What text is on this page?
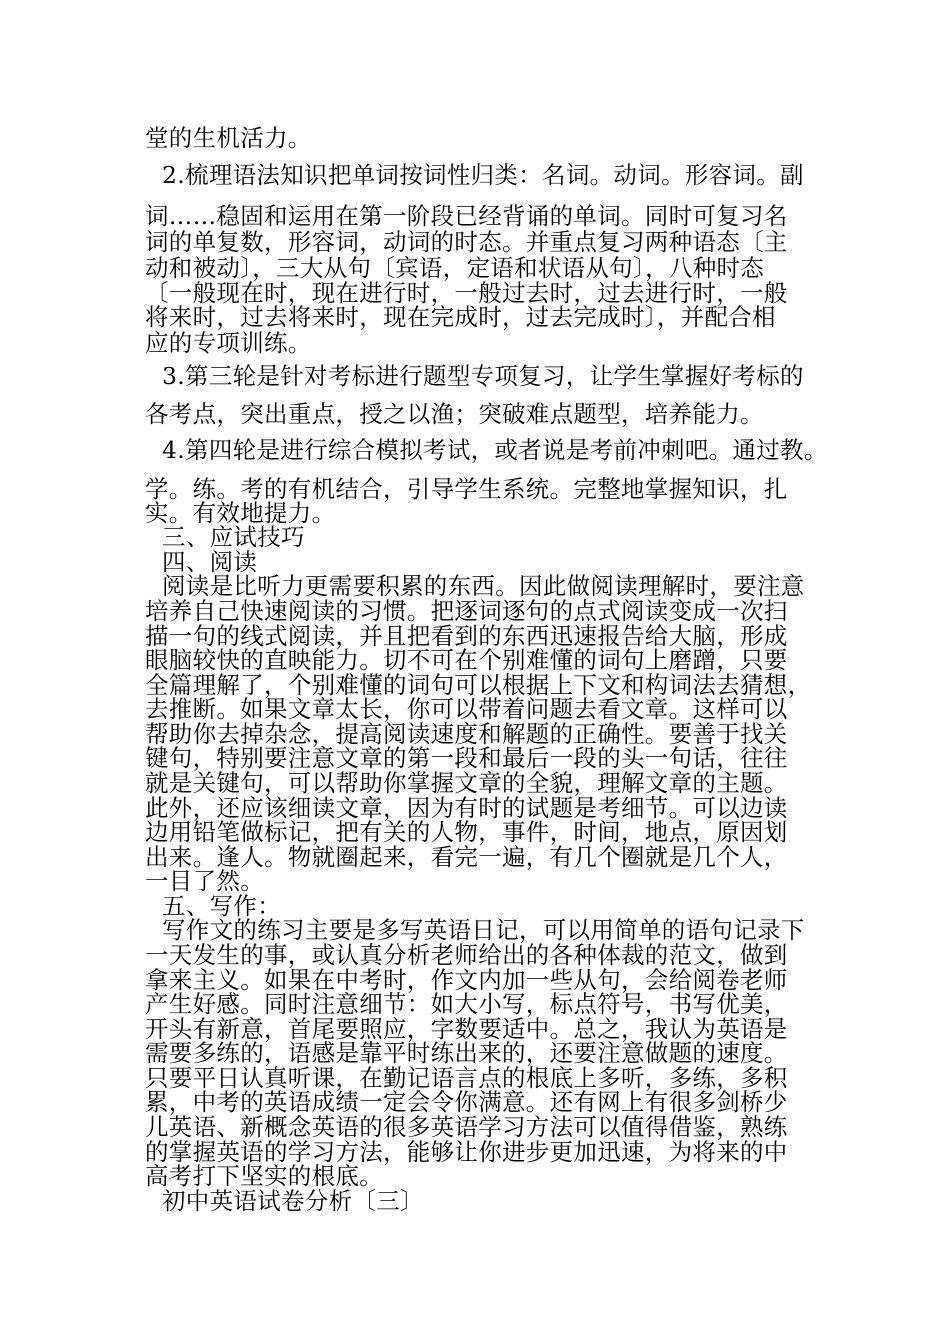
堂的生机活力。
2.梳理语法知识把单词按词性归类：名词。动词。形容词。副
词……稳固和运用在第一阶段已经背诵的单词。同时可复习名
词的单复数，形容词，动词的时态。并重点复习两种语态〔主
动和被动〕，三大从句〔宾语，定语和状语从句〕，八种时态
〔一般现在时，现在进行时，一般过去时，过去进行时，一般
将来时，过去将来时，现在完成时，过去完成时〕，并配合相
应的专项训练。
3.第三轮是针对考标进行题型专项复习，让学生掌握好考标的
各考点，突出重点，授之以渔；突破难点题型，培养能力。
4.第四轮是进行综合模拟考试，或者说是考前冲刺吧。通过教。
学。练。考的有机结合，引导学生系统。完整地掌握知识，扎
实。有效地提力。
三、应试技巧
四、阅读
阅读是比听力更需要积累的东西。因此做阅读理解时，要注意
培养自己快速阅读的习惯。把逐词逐句的点式阅读变成一次扫
描一句的线式阅读，并且把看到的东西迅速报告给大脑，形成
眼脑较快的直映能力。切不可在个别难懂的词句上磨蹭，只要
全篇理解了，个别难懂的词句可以根据上下文和构词法去猜想，
去推断。如果文章太长，你可以带着问题去看文章。这样可以
帮助你去掉杂念，提高阅读速度和解题的正确性。要善于找关
键句，特别要注意文章的第一段和最后一段的头一句话，往往
就是关键句，可以帮助你掌握文章的全貌，理解文章的主题。
此外，还应该细读文章，因为有时的试题是考细节。可以边读
边用铅笔做标记，把有关的人物，事件，时间，地点，原因划
出来。逢人。物就圈起来，看完一遍，有几个圈就是几个人，
一目了然。
五、写作：
写作文的练习主要是多写英语日记，可以用简单的语句记录下
一天发生的事，或认真分析老师给出的各种体裁的范文，做到
拿来主义。如果在中考时，作文内加一些从句，会给阅卷老师
产生好感。同时注意细节：如大小写，标点符号，书写优美，
开头有新意，首尾要照应，字数要适中。总之，我认为英语是
需要多练的，语感是靠平时练出来的，还要注意做题的速度。
只要平日认真听课，在勤记语言点的根底上多听，多练，多积
累，中考的英语成绩一定会令你满意。还有网上有很多剑桥少
儿英语、新概念英语的很多英语学习方法可以值得借鉴，熟练
的掌握英语的学习方法，能够让你进步更加迅速，为将来的中
高考打下坚实的根底。
初中英语试卷分析〔三〕
